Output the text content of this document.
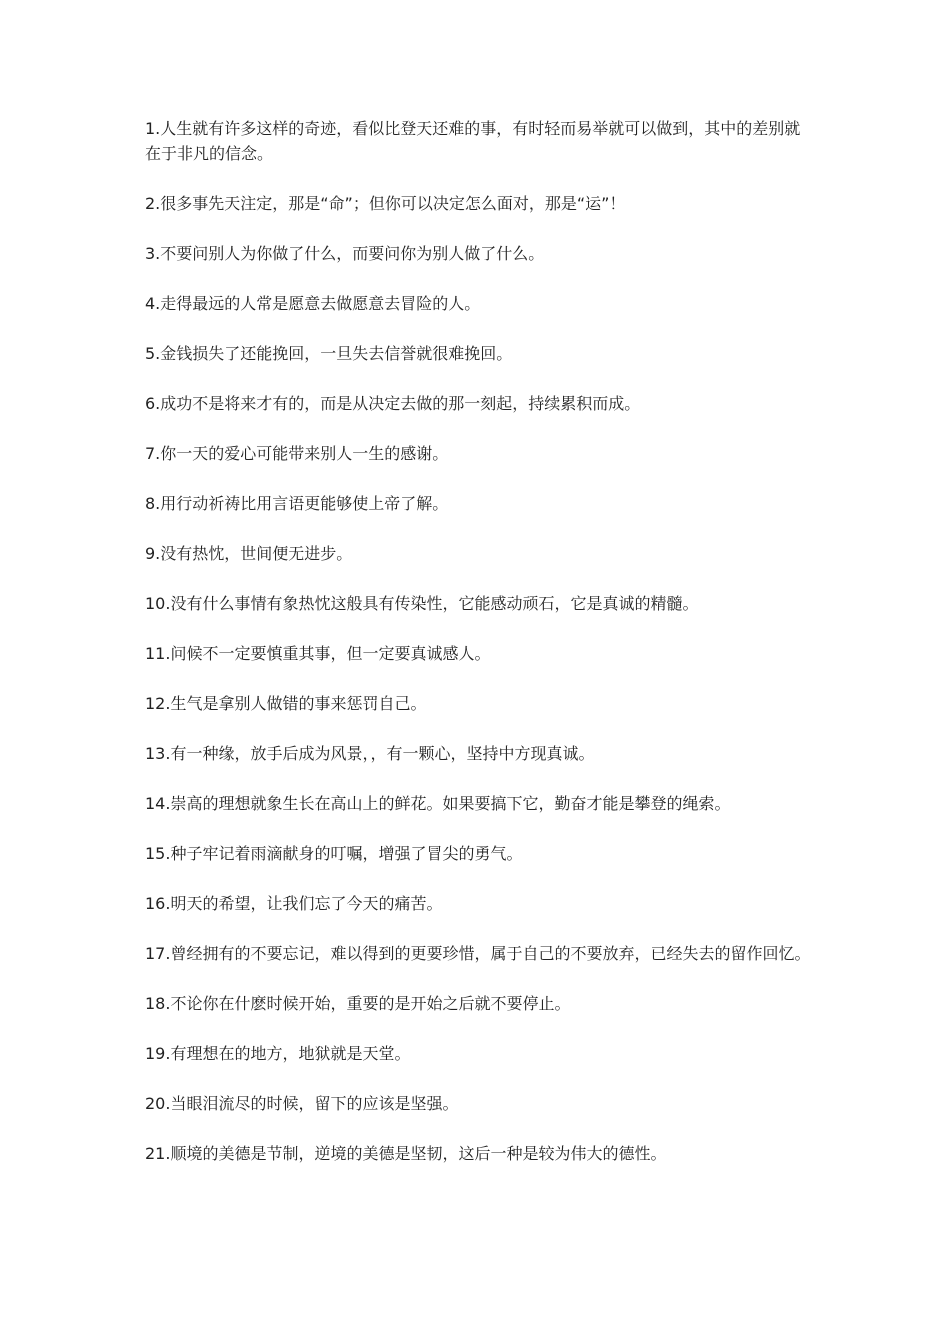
1.人生就有许多这样的奇迹，看似比登天还难的事，有时轻而易举就可以做到，其中的差别就在于非凡的信念。
2.很多事先天注定，那是“命”；但你可以决定怎么面对，那是“运”！
3.不要问别人为你做了什么，而要问你为别人做了什么。
4.走得最远的人常是愿意去做愿意去冒险的人。
5.金钱损失了还能挽回，一旦失去信誉就很难挽回。
6.成功不是将来才有的，而是从决定去做的那一刻起，持续累积而成。
7.你一天的爱心可能带来别人一生的感谢。
8.用行动祈祷比用言语更能够使上帝了解。
9.没有热忱，世间便无进步。
10.没有什么事情有象热忱这般具有传染性，它能感动顽石，它是真诚的精髓。
11.问候不一定要慎重其事，但一定要真诚感人。
12.生气是拿别人做错的事来惩罚自己。
13.有一种缘，放手后成为风景，，有一颗心，坚持中方现真诚。
14.崇高的理想就象生长在高山上的鲜花。如果要搞下它，勤奋才能是攀登的绳索。
15.种子牢记着雨滴献身的叮嘱，增强了冒尖的勇气。
16.明天的希望，让我们忘了今天的痛苦。
17.曾经拥有的不要忘记，难以得到的更要珍惜，属于自己的不要放弃，已经失去的留作回忆。
18.不论你在什麽时候开始，重要的是开始之后就不要停止。
19.有理想在的地方，地狱就是天堂。
20.当眼泪流尽的时候，留下的应该是坚强。
21.顺境的美德是节制，逆境的美德是坚韧，这后一种是较为伟大的德性。
